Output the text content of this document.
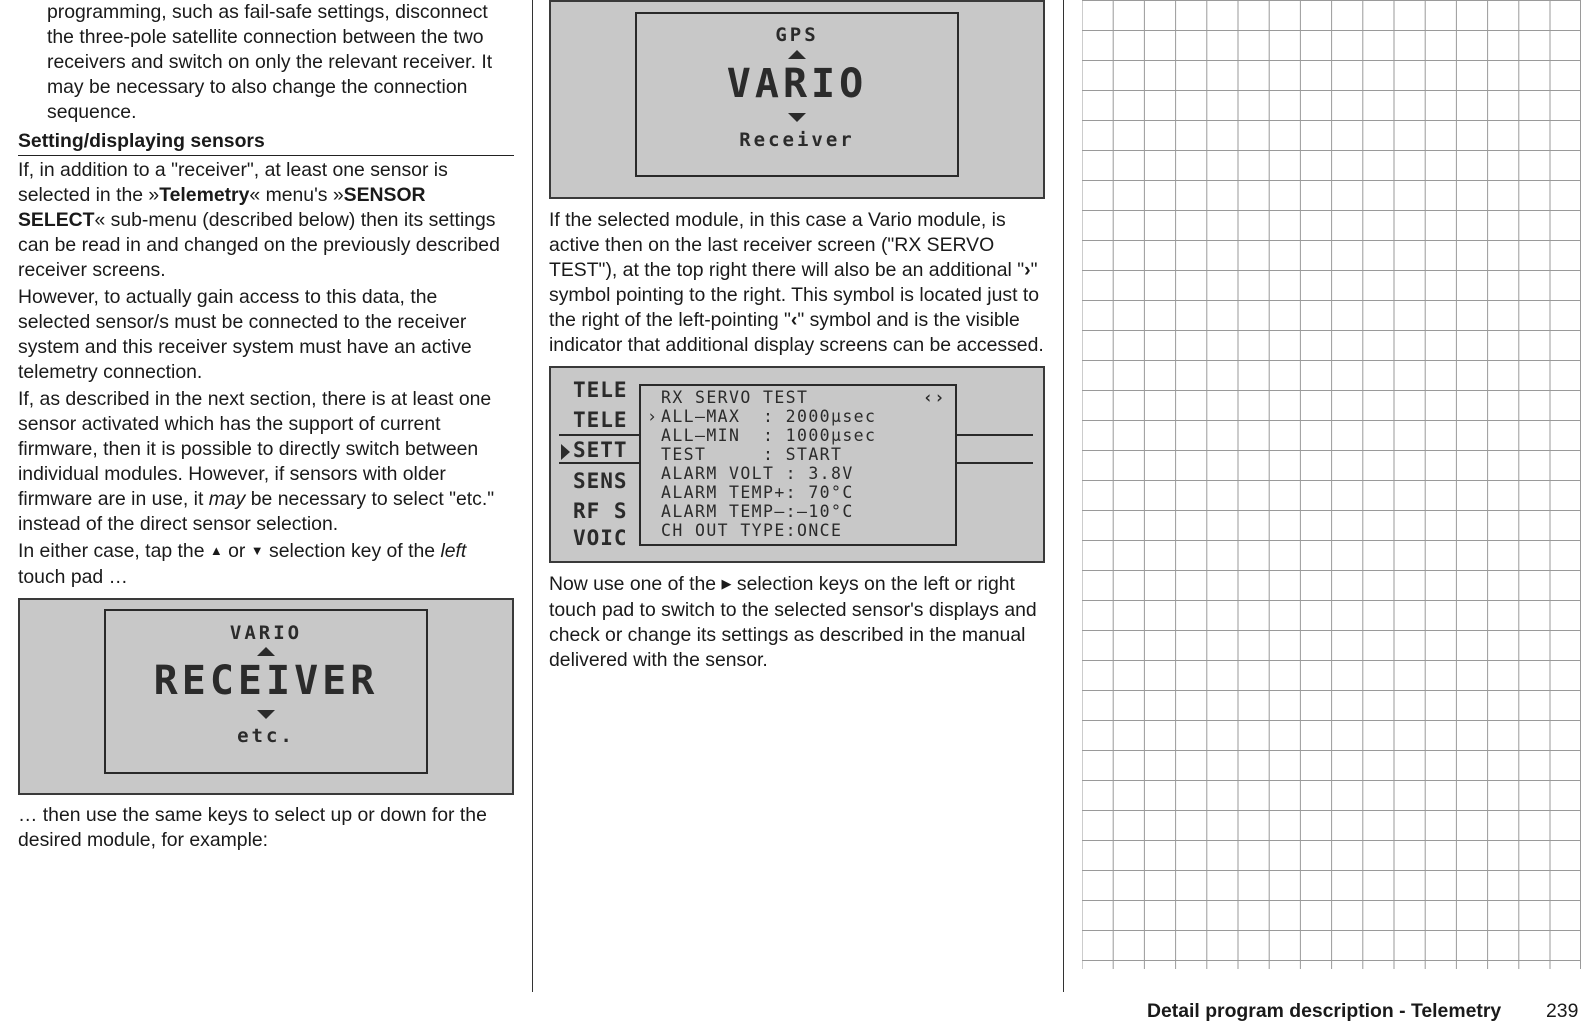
programming, such as fail-safe settings, disconnect the three-pole satellite connection between the two receivers and switch on only the relevant receiver. It may be necessary to also change the connection sequence.

Setting/displaying sensors

If, in addition to a "receiver", at least one sensor is selected in the »Telemetry« menu's »SENSOR SELECT« sub-menu (described below) then its settings can be read in and changed on the previously described receiver screens.

However, to actually gain access to this data, the selected sensor/s must be connected to the receiver system and this receiver system must have an active telemetry connection.

If, as described in the next section, there is at least one sensor activated which has the support of current firmware, then it is possible to directly switch between individual modules. However, if sensors with older firmware are in use, it may be necessary to select "etc." instead of the direct sensor selection.

In either case, tap the ▲ or ▼ selection key of the left touch pad …

VARIO
RECEIVER
etc.

… then use the same keys to select up or down for the desired module, for example:

GPS
VARIO
Receiver

If the selected module, in this case a Vario module, is active then on the last receiver screen ("RX SERVO TEST"), at the top right there will also be an additional "›" symbol pointing to the right. This symbol is located just to the right of the left-pointing "‹" symbol and is the visible indicator that additional display screens can be accessed.

TELE
TELE
SETT
SENS
RF S
VOIC
RX SERVO TEST	‹›
› ALL–MAX  : 2000µsec
ALL–MIN  : 1000µsec
TEST     : START
ALARM VOLT : 3.8V
ALARM TEMP+: 70°C
ALARM TEMP–:–10°C
CH OUT TYPE:ONCE

Now use one of the ▶ selection keys on the left or right touch pad to switch to the selected sensor's displays and check or change its settings as described in the manual delivered with the sensor.

Detail program description - Telemetry 239
